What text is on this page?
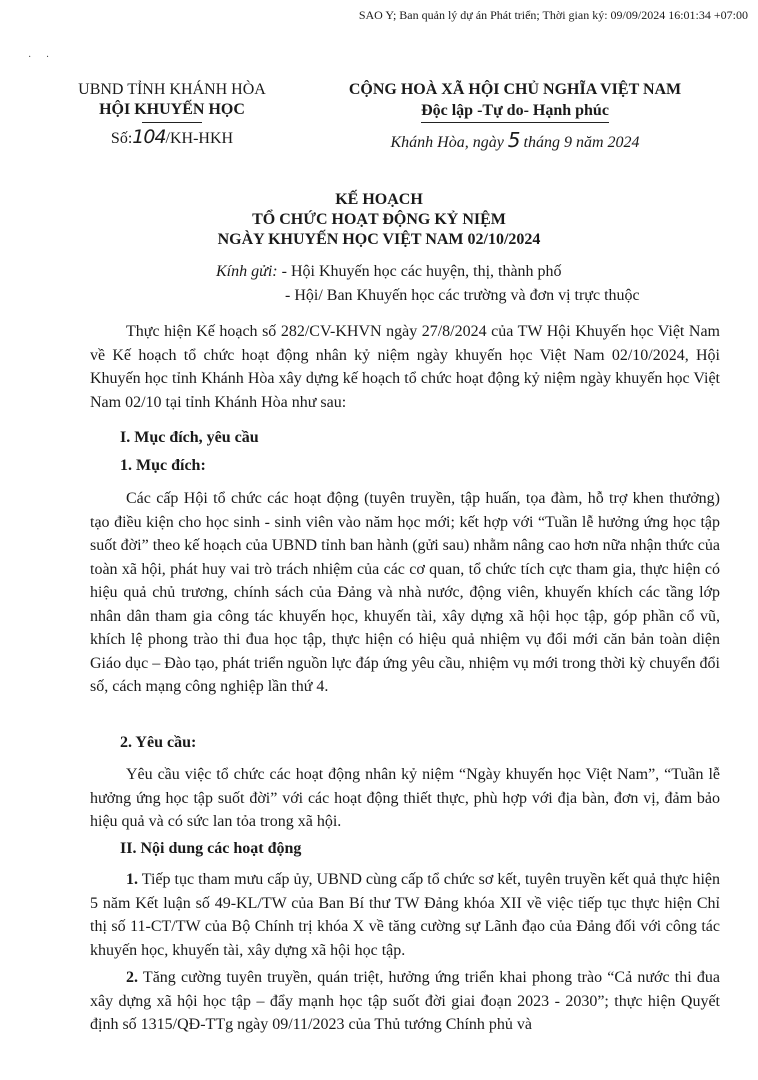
SAO Y; Ban quản lý dự án Phát triển; Thời gian ký: 09/09/2024 16:01:34 +07:00
· ·
UBND TỈNH KHÁNH HÒA
HỘI KHUYẾN HỌC
Số:104/KH-HKH
CỘNG HOÀ XÃ HỘI CHỦ NGHĨA VIỆT NAM
Độc lập -Tự do- Hạnh phúc
Khánh Hòa, ngày 5 tháng 9 năm 2024
KẾ HOẠCH
TỔ CHỨC HOẠT ĐỘNG KỶ NIỆM
NGÀY KHUYẾN HỌC VIỆT NAM 02/10/2024
Kính gửi: - Hội Khuyến học các huyện, thị, thành phố
- Hội/ Ban Khuyến học các trường và đơn vị trực thuộc
Thực hiện Kế hoạch số 282/CV-KHVN ngày 27/8/2024 của TW Hội Khuyến học Việt Nam về Kế hoạch tổ chức hoạt động nhân kỷ niệm ngày khuyến học Việt Nam 02/10/2024, Hội Khuyến học tỉnh Khánh Hòa xây dựng kế hoạch tổ chức hoạt động kỷ niệm ngày khuyến học Việt Nam 02/10 tại tỉnh Khánh Hòa như sau:
I. Mục đích, yêu cầu
1. Mục đích:
Các cấp Hội tổ chức các hoạt động (tuyên truyền, tập huấn, tọa đàm, hỗ trợ khen thưởng) tạo điều kiện cho học sinh - sinh viên vào năm học mới; kết hợp với “Tuần lễ hưởng ứng học tập suốt đời” theo kế hoạch của UBND tỉnh ban hành (gửi sau) nhằm nâng cao hơn nữa nhận thức của toàn xã hội, phát huy vai trò trách nhiệm của các cơ quan, tổ chức tích cực tham gia, thực hiện có hiệu quả chủ trương, chính sách của Đảng và nhà nước, động viên, khuyến khích các tầng lớp nhân dân tham gia công tác khuyến học, khuyến tài, xây dựng xã hội học tập, góp phần cổ vũ, khích lệ phong trào thi đua học tập, thực hiện có hiệu quả nhiệm vụ đổi mới căn bản toàn diện Giáo dục – Đào tạo, phát triển nguồn lực đáp ứng yêu cầu, nhiệm vụ mới trong thời kỳ chuyển đổi số, cách mạng công nghiệp lần thứ 4.
2. Yêu cầu:
Yêu cầu việc tổ chức các hoạt động nhân kỷ niệm “Ngày khuyến học Việt Nam”, “Tuần lễ hưởng ứng học tập suốt đời” với các hoạt động thiết thực, phù hợp với địa bàn, đơn vị, đảm bảo hiệu quả và có sức lan tỏa trong xã hội.
II. Nội dung các hoạt động
1. Tiếp tục tham mưu cấp ủy, UBND cùng cấp tổ chức sơ kết, tuyên truyền kết quả thực hiện 5 năm Kết luận số 49-KL/TW của Ban Bí thư TW Đảng khóa XII về việc tiếp tục thực hiện Chỉ thị số 11-CT/TW của Bộ Chính trị khóa X về tăng cường sự Lãnh đạo của Đảng đối với công tác khuyến học, khuyến tài, xây dựng xã hội học tập.
2. Tăng cường tuyên truyền, quán triệt, hưởng ứng triển khai phong trào “Cả nước thi đua xây dựng xã hội học tập – đẩy mạnh học tập suốt đời giai đoạn 2023 - 2030”; thực hiện Quyết định số 1315/QĐ-TTg ngày 09/11/2023 của Thủ tướng Chính phủ và
